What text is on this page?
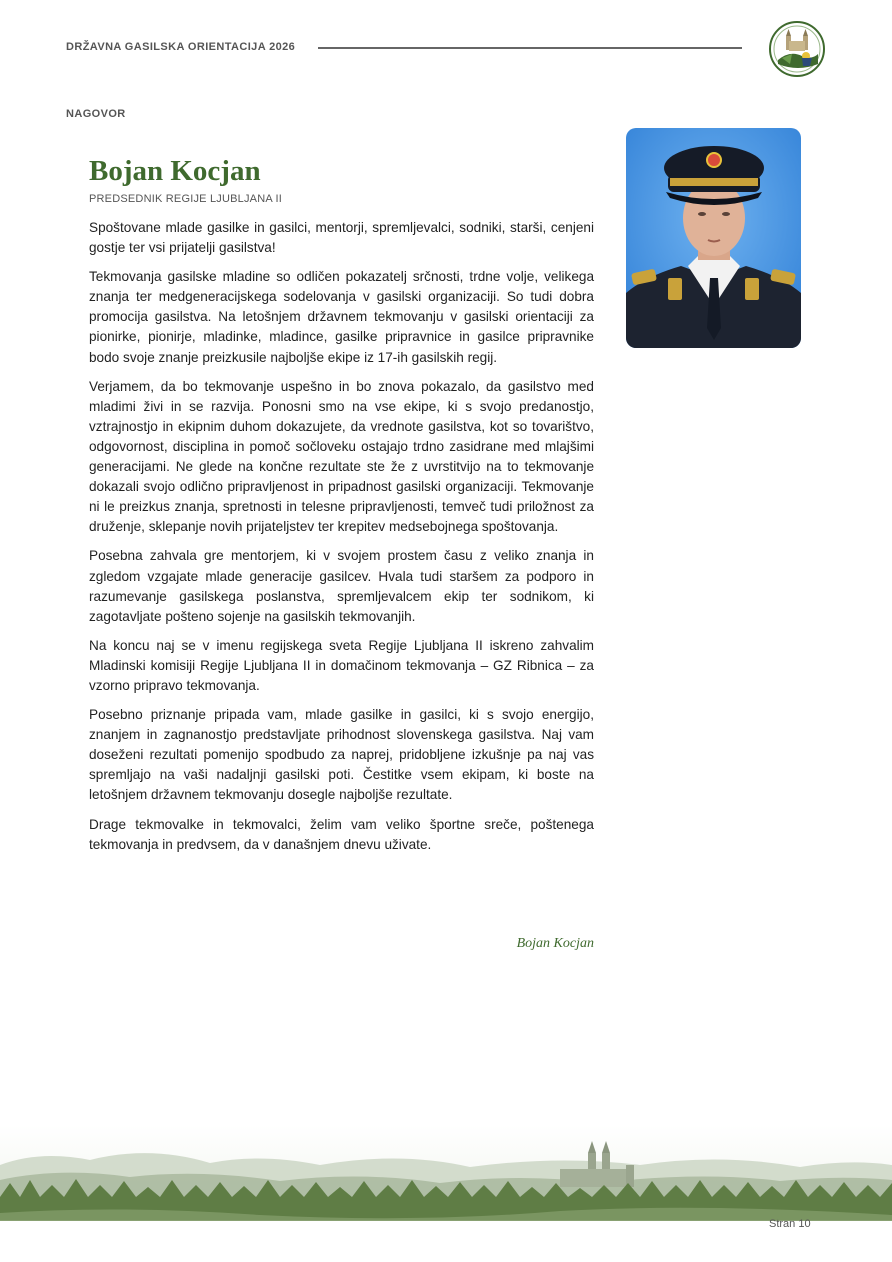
DRŽAVNA GASILSKA ORIENTACIJA 2026
NAGOVOR
Bojan Kocjan
PREDSEDNIK REGIJE LJUBLJANA II

Spoštovane mlade gasilke in gasilci, mentorji, spremljevalci, sodniki, starši, cenjeni gostje ter vsi prijatelji gasilstva!

Tekmovanja gasilske mladine so odličen pokazatelj srčnosti, trdne volje, velikega znanja ter medgeneracijskega sodelovanja v gasilski organizaciji. So tudi dobra promocija gasilstva. Na letošnjem državnem tekmovanju v gasilski orientaciji za pionirke, pionirje, mladinke, mladince, gasilke pripravnice in gasilce pripravnike bodo svoje znanje preizkusile najboljše ekipe iz 17-ih gasilskih regij.

Verjamem, da bo tekmovanje uspešno in bo znova pokazalo, da gasilstvo med mladimi živi in se razvija. Ponosni smo na vse ekipe, ki s svojo predanostjo, vztrajnostjo in ekipnim duhom dokazujete, da vrednote gasilstva, kot so tovarištvo, odgovornost, disciplina in pomoč sočloveku ostajajo trdno zasidrane med mlajšimi generacijami. Ne glede na končne rezultate ste že z uvrstitvijo na to tekmovanje dokazali svojo odlično pripravljenost in pripadnost gasilski organizaciji. Tekmovanje ni le preizkus znanja, spretnosti in telesne pripravljenosti, temveč tudi priložnost za druženje, sklepanje novih prijateljstev ter krepitev medsebojnega spoštovanja.

Posebna zahvala gre mentorjem, ki v svojem prostem času z veliko znanja in zgledom vzgajate mlade generacije gasilcev. Hvala tudi staršem za podporo in razumevanje gasilskega poslanstva, spremljevalcem ekip ter sodnikom, ki zagotavljate pošteno sojenje na gasilskih tekmovanjih.

Na koncu naj se v imenu regijskega sveta Regije Ljubljana II iskreno zahvalim Mladinski komisiji Regije Ljubljana II in domačinom tekmovanja – GZ Ribnica – za vzorno pripravo tekmovanja.

Posebno priznanje pripada vam, mlade gasilke in gasilci, ki s svojo energijo, znanjem in zagnanostjo predstavljate prihodnost slovenskega gasilstva. Naj vam doseženi rezultati pomenijo spodbudo za naprej, pridobljene izkušnje pa naj vas spremljajo na vaši nadaljnji gasilski poti. Čestitke vsem ekipam, ki boste na letošnjem državnem tekmovanju dosegle najboljše rezultate.

Drage tekmovalke in tekmovalci, želim vam veliko športne sreče, poštenega tekmovanja in predvsem, da v današnjem dnevu uživate.

Bojan Kocjan
Stran 10
